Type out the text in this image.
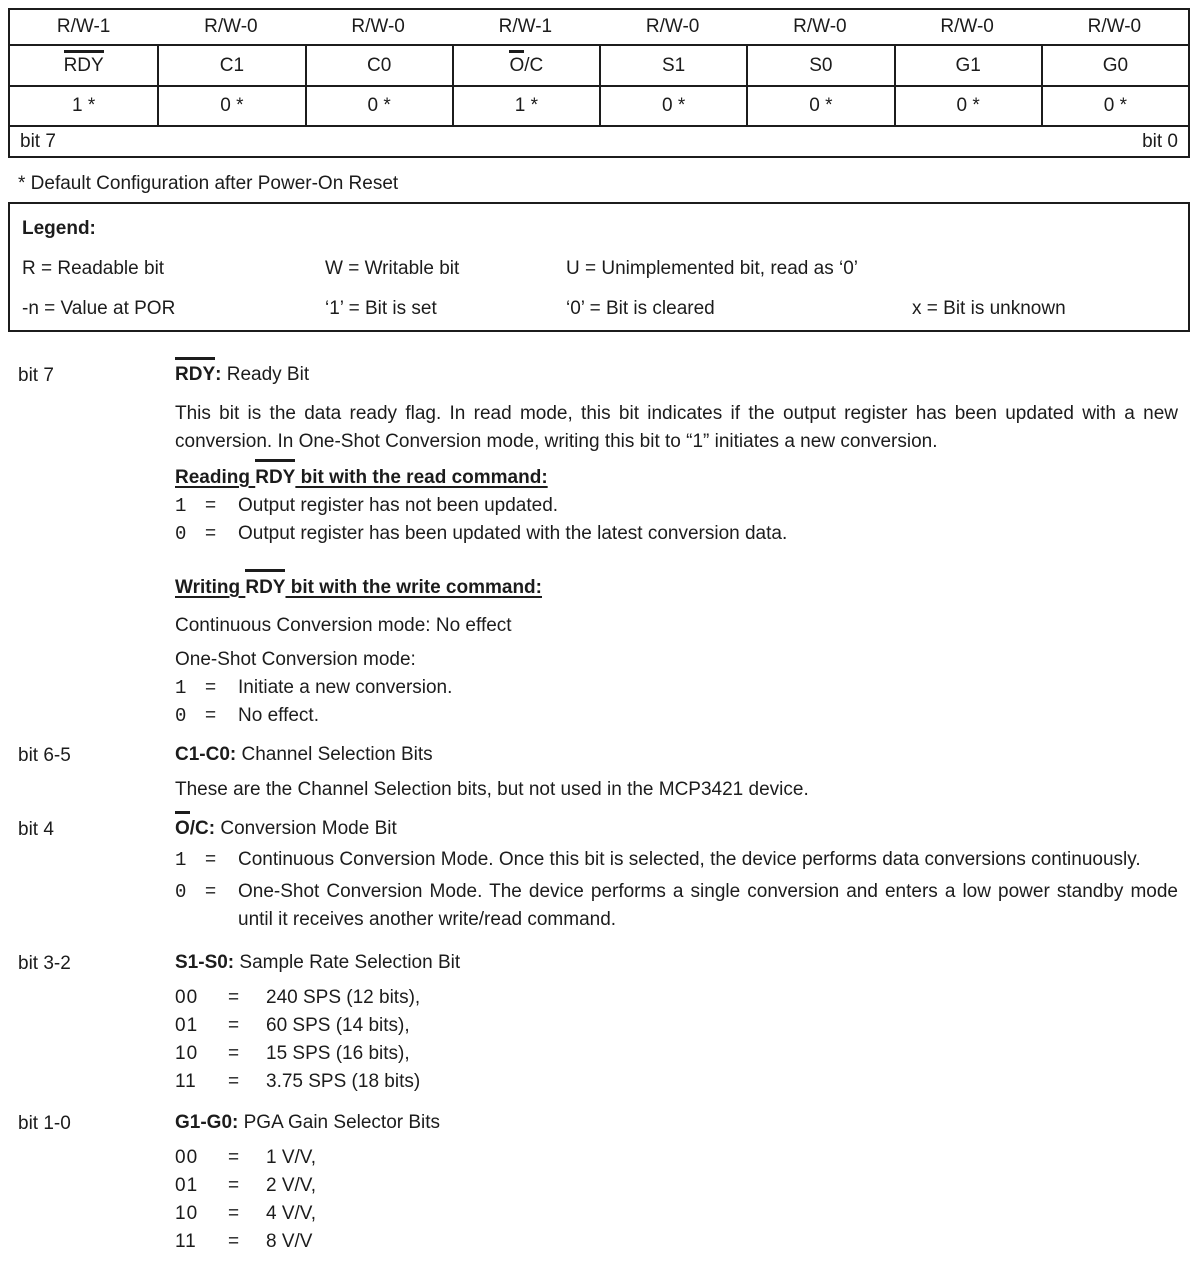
R/W-1	R/W-0	R/W-0	R/W-1	R/W-0	R/W-0	R/W-0	R/W-0
RDY	C1	C0	O /C	S1	S0	G1	G0
1 *	0 *	0 *	1 *	0 *	0 *	0 *	0 *
bit 7	bit 0
* Default Configuration after Power-On Reset
Legend:
R = Readable bit	W = Writable bit	U = Unimplemented bit, read as ‘0’
-n = Value at POR	‘1’ = Bit is set	‘0’ = Bit is cleared	x = Bit is unknown
bit 7	RDY: Ready Bit
This bit is the data ready flag. In read mode, this bit indicates if the output register has been updated with a new conversion. In One-Shot Conversion mode, writing this bit to “1” initiates a new conversion.
Reading RDY bit with the read command:
1 =	Output register has not been updated.
0 =	Output register has been updated with the latest conversion data.
Writing RDY bit with the write command:
Continuous Conversion mode: No effect
One-Shot Conversion mode:
1 =	Initiate a new conversion.
0 =	No effect.
bit 6-5	C1-C0: Channel Selection Bits
These are the Channel Selection bits, but not used in the MCP3421 device.
bit 4	O/C: Conversion Mode Bit
1 =	Continuous Conversion Mode. Once this bit is selected, the device performs data conversions continuously.
0 =	One-Shot Conversion Mode. The device performs a single conversion and enters a low power standby mode until it receives another write/read command.
bit 3-2	S1-S0: Sample Rate Selection Bit
00	=	240 SPS (12 bits),
01	=	60 SPS (14 bits),
10	=	15 SPS (16 bits),
11	=	3.75 SPS (18 bits)
bit 1-0	G1-G0: PGA Gain Selector Bits
00	=	1 V/V,
01	=	2 V/V,
10	=	4 V/V,
11	=	8 V/V
